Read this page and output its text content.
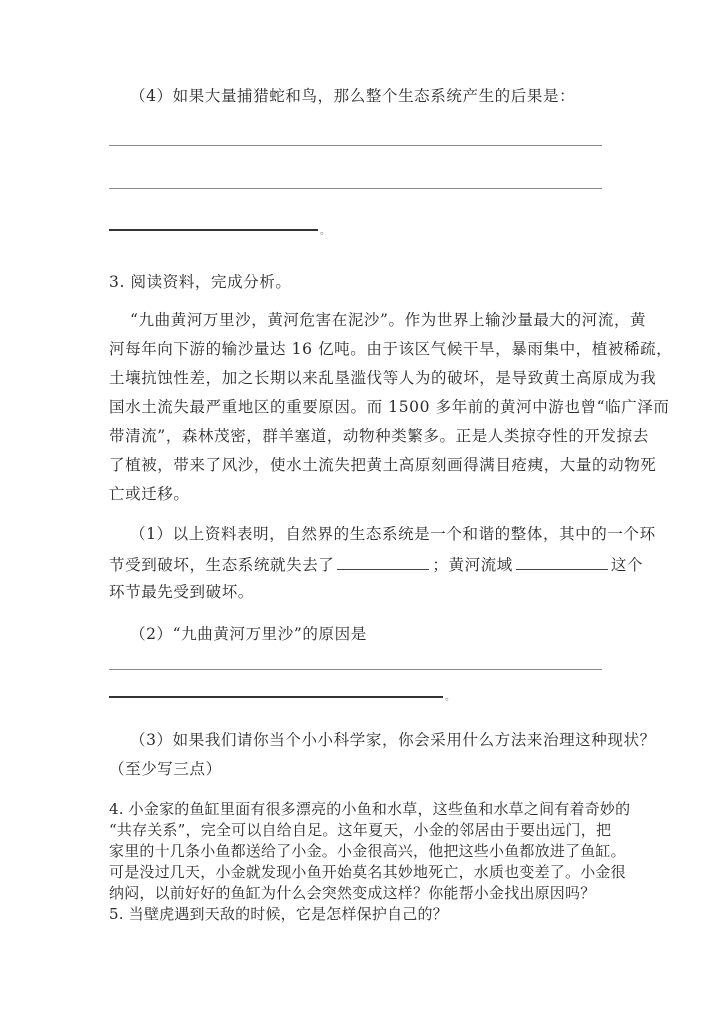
（4）如果大量捕猎蛇和鸟，那么整个生态系统产生的后果是：
。
3. 阅读资料，完成分析。
“九曲黄河万里沙，黄河危害在泥沙”。作为世界上输沙量最大的河流，黄
河每年向下游的输沙量达 16 亿吨。由于该区气候干旱，暴雨集中，植被稀疏，
土壤抗蚀性差，加之长期以来乱垦滥伐等人为的破坏，是导致黄土高原成为我
国水土流失最严重地区的重要原因。而 1500 多年前的黄河中游也曾“临广泽而
带清流”，森林茂密，群羊塞道，动物种类繁多。正是人类掠夺性的开发掠去
了植被，带来了风沙，使水土流失把黄土高原刻画得满目疮痍，大量的动物死
亡或迁移。
（1）以上资料表明，自然界的生态系统是一个和谐的整体，其中的一个环
节受到破坏，生态系统就失去了	；黄河流域	这个
环节最先受到破坏。
（2）“九曲黄河万里沙”的原因是
。
（3）如果我们请你当个小小科学家，你会采用什么方法来治理这种现状？
（至少写三点）
4. 小金家的鱼缸里面有很多漂亮的小鱼和水草，这些鱼和水草之间有着奇妙的
“共存关系”，完全可以自给自足。这年夏天，小金的邻居由于要出远门，把
家里的十几条小鱼都送给了小金。小金很高兴，他把这些小鱼都放进了鱼缸。
可是没过几天，小金就发现小鱼开始莫名其妙地死亡，水质也变差了。小金很
纳闷，以前好好的鱼缸为什么会突然变成这样？你能帮小金找出原因吗？
5. 当壁虎遇到天敌的时候，它是怎样保护自己的？
